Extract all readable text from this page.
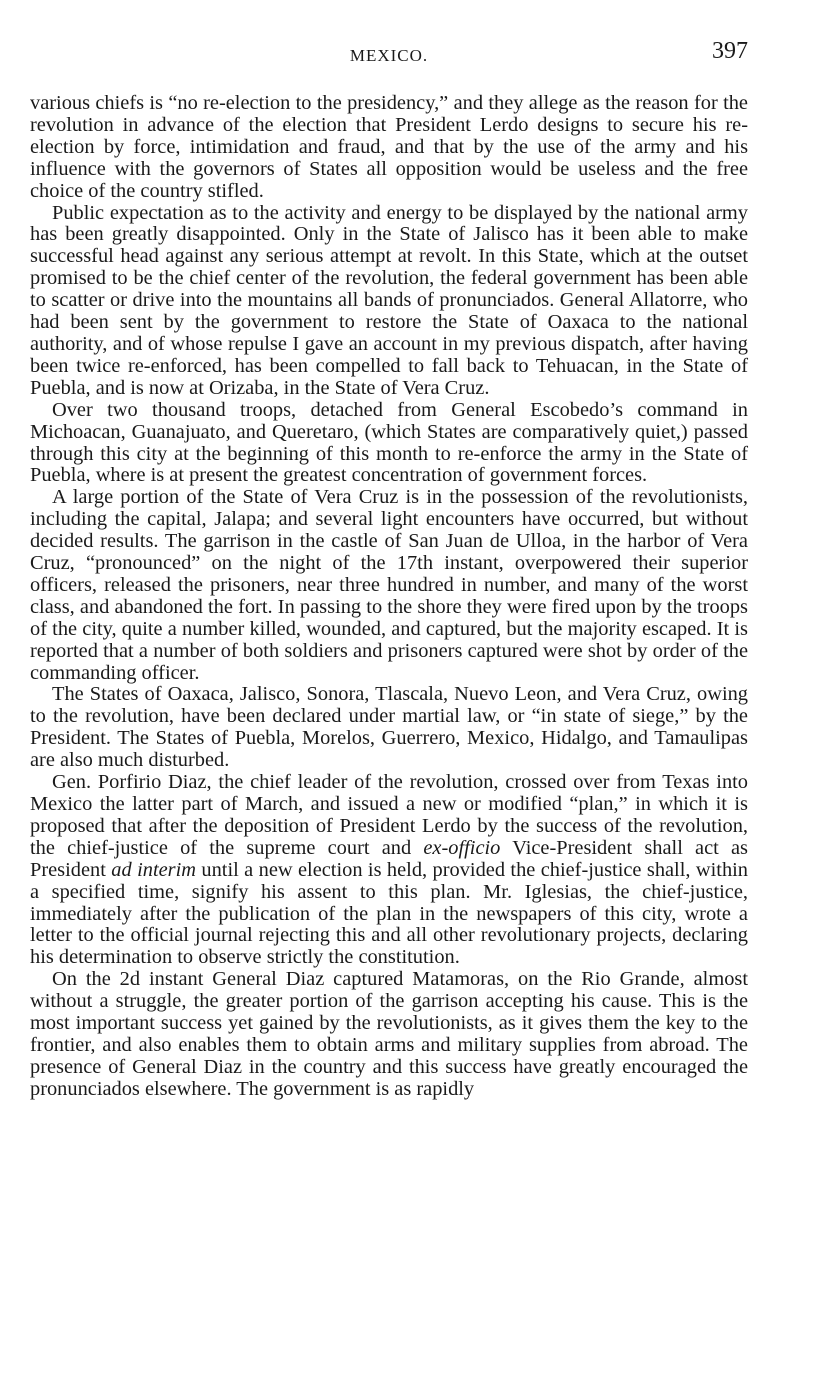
MEXICO.	397

various chiefs is “no re-election to the presidency,” and they allege as the reason for the revolution in advance of the election that President Lerdo designs to secure his re-election by force, intimidation and fraud, and that by the use of the army and his influence with the governors of States all opposition would be useless and the free choice of the country stifled.

Public expectation as to the activity and energy to be displayed by the national army has been greatly disappointed. Only in the State of Jalisco has it been able to make successful head against any serious attempt at revolt. In this State, which at the outset promised to be the chief center of the revolution, the federal government has been able to scatter or drive into the mountains all bands of pronunciados. General Allatorre, who had been sent by the government to restore the State of Oaxaca to the national authority, and of whose repulse I gave an account in my previous dispatch, after having been twice re-enforced, has been compelled to fall back to Tehuacan, in the State of Puebla, and is now at Orizaba, in the State of Vera Cruz.

Over two thousand troops, detached from General Escobedo’s command in Michoacan, Guanajuato, and Queretaro, (which States are comparatively quiet,) passed through this city at the beginning of this month to re-enforce the army in the State of Puebla, where is at present the greatest concentration of government forces.

A large portion of the State of Vera Cruz is in the possession of the revolutionists, including the capital, Jalapa; and several light encounters have occurred, but without decided results. The garrison in the castle of San Juan de Ulloa, in the harbor of Vera Cruz, “pronounced” on the night of the 17th instant, overpowered their superior officers, released the prisoners, near three hundred in number, and many of the worst class, and abandoned the fort. In passing to the shore they were fired upon by the troops of the city, quite a number killed, wounded, and captured, but the majority escaped. It is reported that a number of both soldiers and prisoners captured were shot by order of the commanding officer.

The States of Oaxaca, Jalisco, Sonora, Tlascala, Nuevo Leon, and Vera Cruz, owing to the revolution, have been declared under martial law, or “in state of siege,” by the President. The States of Puebla, Morelos, Guerrero, Mexico, Hidalgo, and Tamaulipas are also much disturbed.

Gen. Porfirio Diaz, the chief leader of the revolution, crossed over from Texas into Mexico the latter part of March, and issued a new or modified “plan,” in which it is proposed that after the deposition of President Lerdo by the success of the revolution, the chief-justice of the supreme court and ex-officio Vice-President shall act as President ad interim until a new election is held, provided the chief-justice shall, within a specified time, signify his assent to this plan. Mr. Iglesias, the chief-justice, immediately after the publication of the plan in the newspapers of this city, wrote a letter to the official journal rejecting this and all other revolutionary projects, declaring his determination to observe strictly the constitution.

On the 2d instant General Diaz captured Matamoras, on the Rio Grande, almost without a struggle, the greater portion of the garrison accepting his cause. This is the most important success yet gained by the revolutionists, as it gives them the key to the frontier, and also enables them to obtain arms and military supplies from abroad. The presence of General Diaz in the country and this success have greatly encouraged the pronunciados elsewhere. The government is as rapidly
